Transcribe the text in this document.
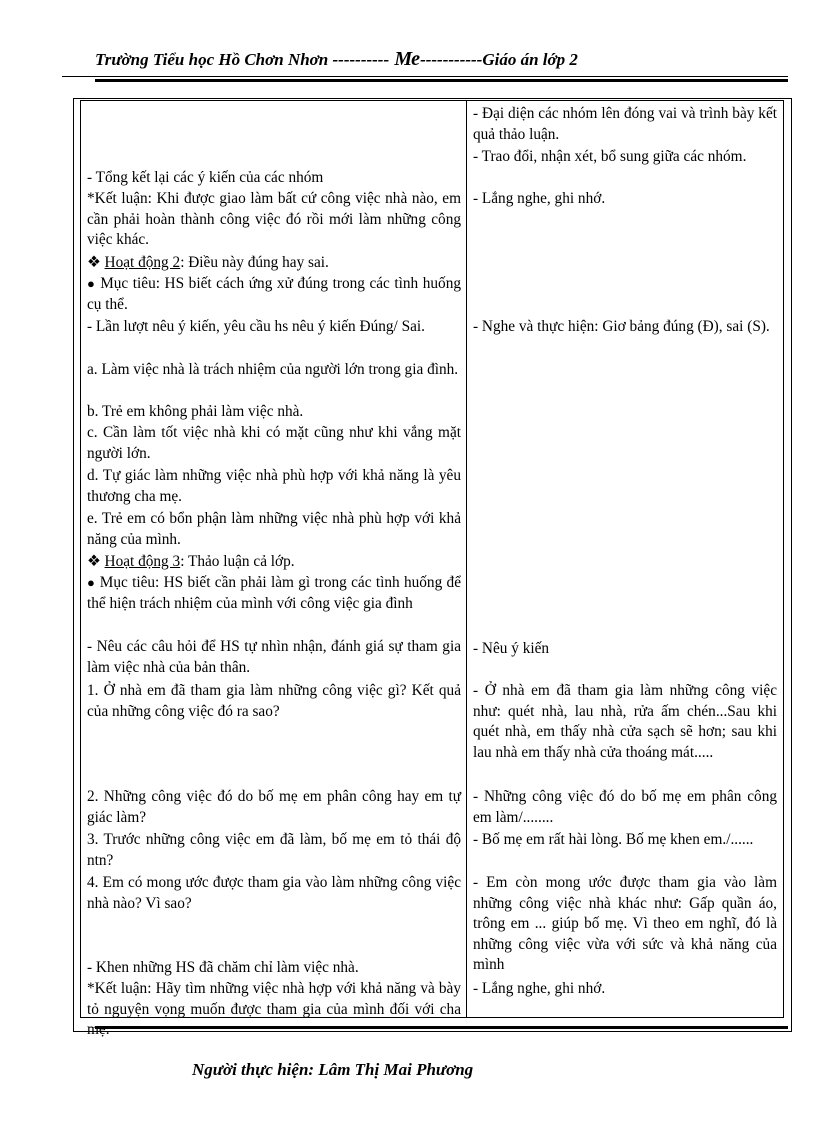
Trường Tiểu học Hồ Chơn Nhơn ---------- Me-----------Giáo án lớp 2

- Tổng kết lại các ý kiến của các nhóm

*Kết luận: Khi được giao làm bất cứ công việc nhà nào, em cần phải hoàn thành công việc đó rồi mới làm những công việc khác.

❖ Hoạt động 2: Điều này đúng hay sai.

● Mục tiêu: HS biết cách ứng xử đúng trong các tình huống cụ thể.

- Lần lượt nêu ý kiến, yêu cầu hs nêu ý kiến Đúng/ Sai.

a. Làm việc nhà là trách nhiệm của người lớn trong gia đình.

b. Trẻ em không phải làm việc nhà.

c. Cần làm tốt việc nhà khi có mặt cũng như khi vắng mặt người lớn.

d. Tự giác làm những việc nhà phù hợp với khả năng là yêu thương cha mẹ.

e. Trẻ em có bổn phận làm những việc nhà phù hợp với khả năng của mình.

❖ Hoạt động 3: Thảo luận cả lớp.

● Mục tiêu: HS biết cần phải làm gì trong các tình huống để thể hiện trách nhiệm của mình với công việc gia đình

- Nêu các câu hỏi để HS tự nhìn nhận, đánh giá sự tham gia làm việc nhà của bản thân.

1. Ở nhà em đã tham gia làm những công việc gì? Kết quả của những công việc đó ra sao?

2. Những công việc đó do bố mẹ em phân công hay em tự giác làm?

3. Trước những công việc em đã làm, bố mẹ em tỏ thái độ ntn?

4. Em có mong ước được tham gia vào làm những công việc nhà nào? Vì sao?

- Khen những HS đã chăm chỉ làm việc nhà.

*Kết luận: Hãy tìm những việc nhà hợp với khả năng và bày tỏ nguyện vọng muốn được tham gia của mình đối với cha mẹ.

- Đại diện các nhóm lên đóng vai và trình bày kết quả thảo luận.

- Trao đổi, nhận xét, bổ sung giữa các nhóm.

- Lắng nghe, ghi nhớ.

- Nghe và thực hiện: Giơ bảng đúng (Đ), sai (S).

- Nêu ý kiến

- Ở nhà em đã tham gia làm những công việc như: quét nhà, lau nhà, rửa ấm chén...Sau khi quét nhà, em thấy nhà cửa sạch sẽ hơn; sau khi lau nhà em thấy nhà cửa thoáng mát.....

- Những công việc đó do bố mẹ em phân công em làm/........

- Bố mẹ em rất hài lòng. Bố mẹ khen em./......

- Em còn mong ước được tham gia vào làm những công việc nhà khác như: Gấp quần áo, trông em ... giúp bố mẹ. Vì theo em nghĩ, đó là những công việc vừa với sức và khả năng của mình

- Lắng nghe, ghi nhớ.

Người thực hiện: Lâm Thị Mai Phương
